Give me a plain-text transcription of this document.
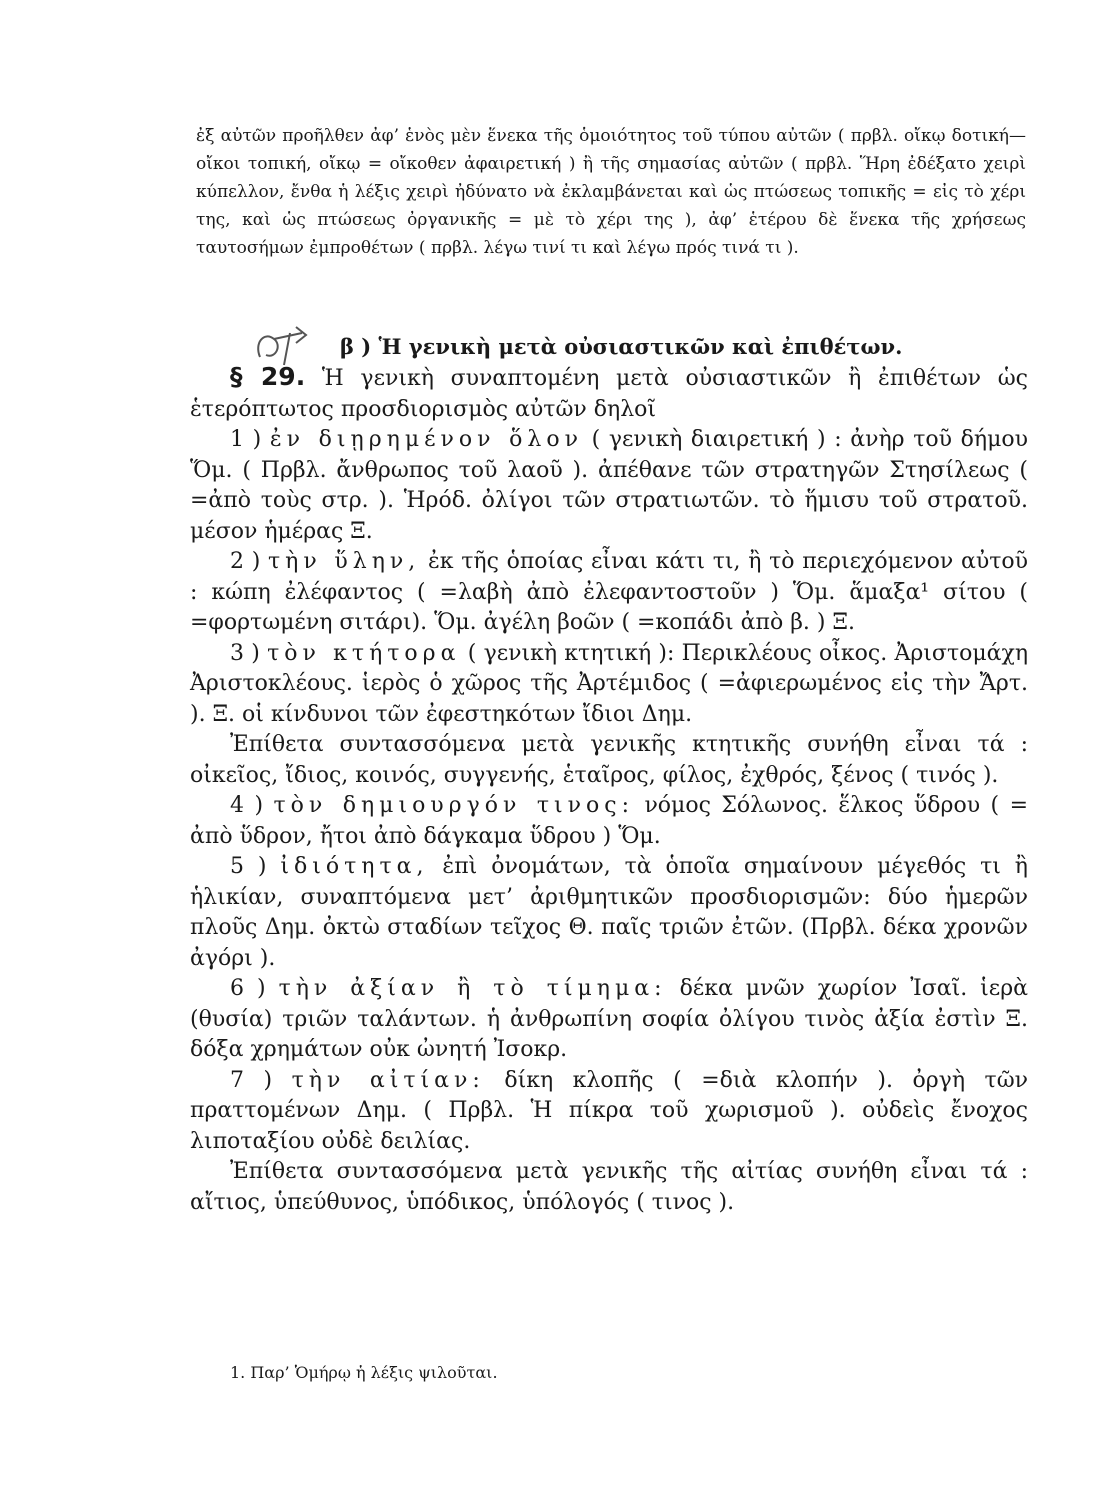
ἐξ αὐτῶν προῆλθεν ἀφ’ ἑνὸς μὲν ἕνεκα τῆς ὁμοιότητος τοῦ τύπου αὐτῶν ( πρβλ. οἴκῳ δοτική—οἴκοι τοπική, οἴκῳ = οἴκοθεν ἀφαιρετική ) ἢ τῆς σημασίας αὐτῶν ( πρβλ. Ἥρη ἐδέξατο χειρὶ κύπελλον, ἔνθα ἡ λέξις χειρὶ ἠδύνατο νὰ ἐκλαμβάνεται καὶ ὡς πτώσεως τοπικῆς = εἰς τὸ χέρι της, καὶ ὡς πτώσεως ὀργανικῆς = μὲ τὸ χέρι της ), ἀφ’ ἑτέρου δὲ ἕνεκα τῆς χρήσεως ταυτοσήμων ἐμπροθέτων ( πρβλ. λέγω τινί τι καὶ λέγω πρός τινά τι ).

β ) Ἡ γενικὴ μετὰ οὐσιαστικῶν καὶ ἐπιθέτων.

§ 29. Ἡ γενικὴ συναπτομένη μετὰ οὐσιαστικῶν ἢ ἐπιθέτων ὡς ἑτερόπτωτος προσδιορισμὸς αὐτῶν δηλοῖ

1 ) ἐν διῃρημένον ὅλον ( γενικὴ διαιρετική ) : ἀνὴρ τοῦ δήμου Ὅμ. ( Πρβλ. ἄνθρωπος τοῦ λαοῦ ). ἀπέθανε τῶν στρατηγῶν Στησίλεως ( =ἀπὸ τοὺς στρ. ). Ἡρόδ. ὀλίγοι τῶν στρατιωτῶν. τὸ ἥμισυ τοῦ στρατοῦ. μέσον ἡμέρας Ξ.

2 ) τὴν ὕλην, ἐκ τῆς ὁποίας εἶναι κάτι τι, ἢ τὸ περιεχόμενον αὐτοῦ : κώπη ἐλέφαντος ( =λαβὴ ἀπὸ ἐλεφαντοστοῦν ) Ὅμ. ἅμαξα¹ σίτου ( =φορτωμένη σιτάρι). Ὅμ. ἀγέλη βοῶν ( =κοπάδι ἀπὸ β. ) Ξ.

3 ) τὸν κτήτορα ( γενικὴ κτητική ): Περικλέους οἶκος. Ἀριστομάχη Ἀριστοκλέους. ἱερὸς ὁ χῶρος τῆς Ἀρτέμιδος ( =ἀφιερωμένος εἰς τὴν Ἄρτ. ). Ξ. οἱ κίνδυνοι τῶν ἐφεστηκότων ἴδιοι Δημ.

Ἐπίθετα συντασσόμενα μετὰ γενικῆς κτητικῆς συνήθη εἶναι τά : οἰκεῖος, ἴδιος, κοινός, συγγενής, ἑταῖρος, φίλος, ἐχθρός, ξένος ( τινός ).

4 ) τὸν δημιουργόν τινος: νόμος Σόλωνος. ἕλκος ὕδρου ( = ἀπὸ ὕδρον, ἤτοι ἀπὸ δάγκαμα ὕδρου ) Ὅμ.

5 ) ἰδιότητα, ἐπὶ ὀνομάτων, τὰ ὁποῖα σημαίνουν μέγεθός τι ἢ ἡλικίαν, συναπτόμενα μετ’ ἀριθμητικῶν προσδιορισμῶν: δύο ἡμερῶν πλοῦς Δημ. ὀκτὼ σταδίων τεῖχος Θ. παῖς τριῶν ἐτῶν. (Πρβλ. δέκα χρονῶν ἀγόρι ).

6 ) τὴν ἀξίαν ἢ τὸ τίμημα: δέκα μνῶν χωρίον Ἰσαῖ. ἱερὰ (θυσία) τριῶν ταλάντων. ἡ ἀνθρωπίνη σοφία ὀλίγου τινὸς ἀξία ἐστὶν Ξ. δόξα χρημάτων οὐκ ὠνητή Ἰσοκρ.

7 ) τὴν αἰτίαν: δίκη κλοπῆς ( =διὰ κλοπήν ). ὀργὴ τῶν πραττομένων Δημ. ( Πρβλ. Ἡ πίκρα τοῦ χωρισμοῦ ). οὐδεὶς ἔνοχος λιποταξίου οὐδὲ δειλίας.

Ἐπίθετα συντασσόμενα μετὰ γενικῆς τῆς αἰτίας συνήθη εἶναι τά : αἴτιος, ὑπεύθυνος, ὑπόδικος, ὑπόλογός ( τινος ).

1. Παρ’ Ὁμήρῳ ἡ λέξις ψιλοῦται.
